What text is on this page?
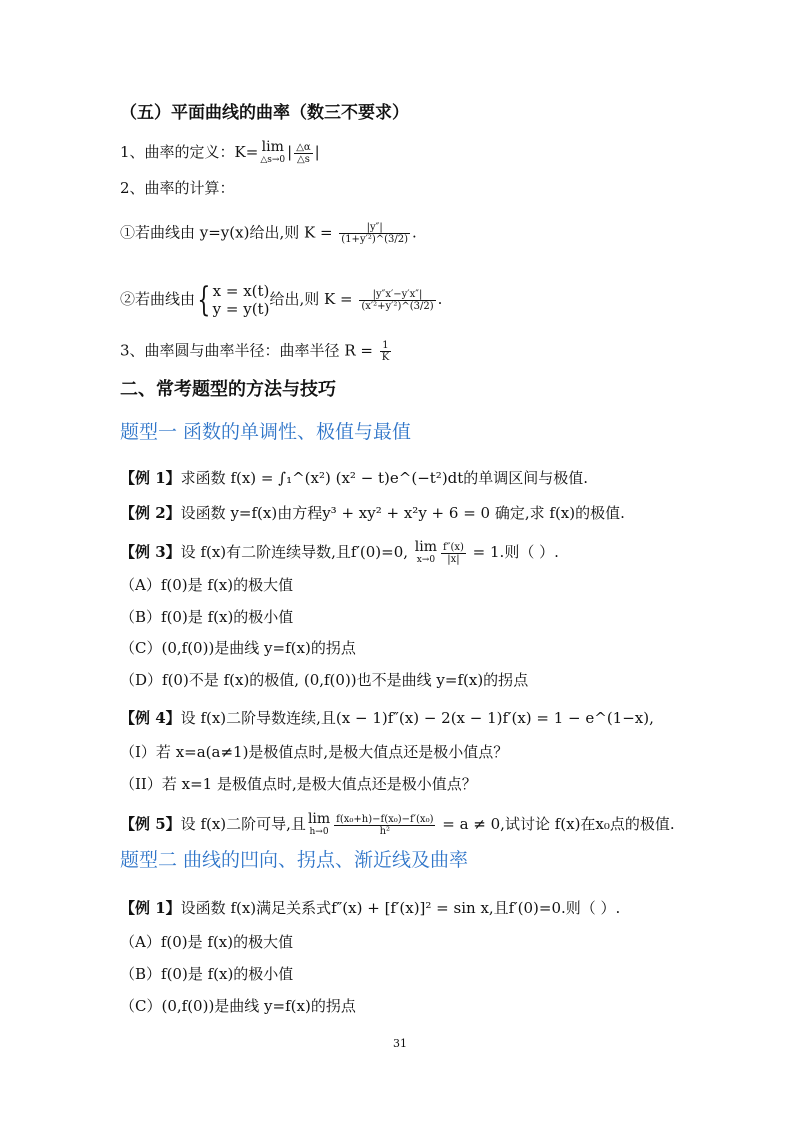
（五）平面曲线的曲率（数三不要求）
1、曲率的定义：K= lim
△s→0 | $\frac{\triangle\alpha}{\triangle s}$ |
2、曲率的计算：
①若曲线由 y=y(x)给出,则 $K = \frac{|y''|}{\text{(1+y′²)\textasciicircum{}(3/2)}}$ .
②若曲线由{ x = x(t)
y = y(t)
给出,则 $K = \frac{|y''x'-y'x''|}{\text{(x′²+y′²)\textasciicircum{}(3/2)}}$ .
3、曲率圆与曲率半径：曲率半径 $R = \frac{1}{K}$
二、常考题型的方法与技巧
题型一 函数的单调性、极值与最值
【例 1】求函数 f(x) = ∫₁^(x²) (x² − t)e^(−t²)dt的单调区间与极值.
【例 2】设函数 y=f(x)由方程y³ + xy² + x²y + 6 = 0 确定,求 f(x)的极值.
【例 3】设 f(x)有二阶连续导数,且f′(0)=0, lim
$x\to 0 \frac{f''(x)}{|x|} = 1$.则（ ）.
（A）f(0)是 f(x)的极大值
（B）f(0)是 f(x)的极小值
（C）(0,f(0))是曲线 y=f(x)的拐点
（D）f(0)不是 f(x)的极值, (0,f(0))也不是曲线 y=f(x)的拐点
【例 4】设 f(x)二阶导数连续,且(x − 1)f″(x) − 2(x − 1)f′(x) = 1 − e^(1−x),
（I）若 x=a(a≠1)是极值点时,是极大值点还是极小值点？
（II）若 x=1 是极值点时,是极大值点还是极小值点？
【例 5】设 f(x)二阶可导,且 lim
$h\to 0 \frac{\text{f(x₀+h)−f(x₀)−f′(x₀)}}{\text{h²}} = a \ne 0$,试讨论 f(x)在x₀点的极值.
题型二 曲线的凹向、拐点、渐近线及曲率
【例 1】设函数 f(x)满足关系式f″(x) + [f′(x)]² = sin x,且f′(0)=0.则（ ）.
（A）f(0)是 f(x)的极大值
（B）f(0)是 f(x)的极小值
（C）(0,f(0))是曲线 y=f(x)的拐点
31
